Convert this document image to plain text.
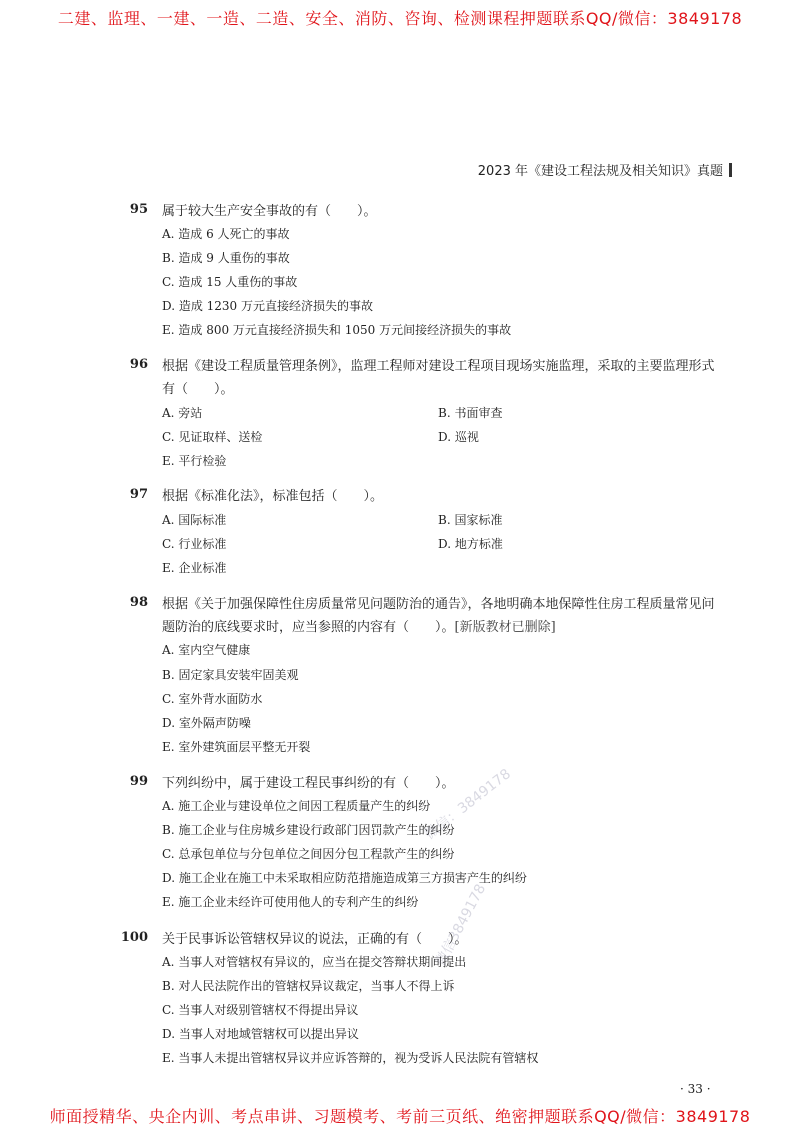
二建、监理、一建、一造、二造、安全、消防、咨询、检测课程押题联系QQ/微信：3849178
2023 年《建设工程法规及相关知识》真题
95 属于较大生产安全事故的有（　　）。
A. 造成 6 人死亡的事故
B. 造成 9 人重伤的事故
C. 造成 15 人重伤的事故
D. 造成 1230 万元直接经济损失的事故
E. 造成 800 万元直接经济损失和 1050 万元间接经济损失的事故
96 根据《建设工程质量管理条例》，监理工程师对建设工程项目现场实施监理，采取的主要监理形式有（　　）。
A. 旁站	B. 书面审查
C. 见证取样、送检	D. 巡视
E. 平行检验
97 根据《标准化法》，标准包括（　　）。
A. 国际标准	B. 国家标准
C. 行业标准	D. 地方标准
E. 企业标准
98 根据《关于加强保障性住房质量常见问题防治的通告》，各地明确本地保障性住房工程质量常见问题防治的底线要求时，应当参照的内容有（　　）。[新版教材已删除]
A. 室内空气健康
B. 固定家具安装牢固美观
C. 室外背水面防水
D. 室外隔声防噪
E. 室外建筑面层平整无开裂
99 下列纠纷中，属于建设工程民事纠纷的有（　　）。
A. 施工企业与建设单位之间因工程质量产生的纠纷
B. 施工企业与住房城乡建设行政部门因罚款产生的纠纷
C. 总承包单位与分包单位之间因分包工程款产生的纠纷
D. 施工企业在施工中未采取相应防范措施造成第三方损害产生的纠纷
E. 施工企业未经许可使用他人的专利产生的纠纷
100 关于民事诉讼管辖权异议的说法，正确的有（　　）。
A. 当事人对管辖权有异议的，应当在提交答辩状期间提出
B. 对人民法院作出的管辖权异议裁定，当事人不得上诉
C. 当事人对级别管辖权不得提出异议
D. 当事人对地域管辖权可以提出异议
E. 当事人未提出管辖权异议并应诉答辩的，视为受诉人民法院有管辖权
微信：3849178
微信3849178
· 33 ·
师面授精华、央企内训、考点串讲、习题模考、考前三页纸、绝密押题联系QQ/微信：3849178
